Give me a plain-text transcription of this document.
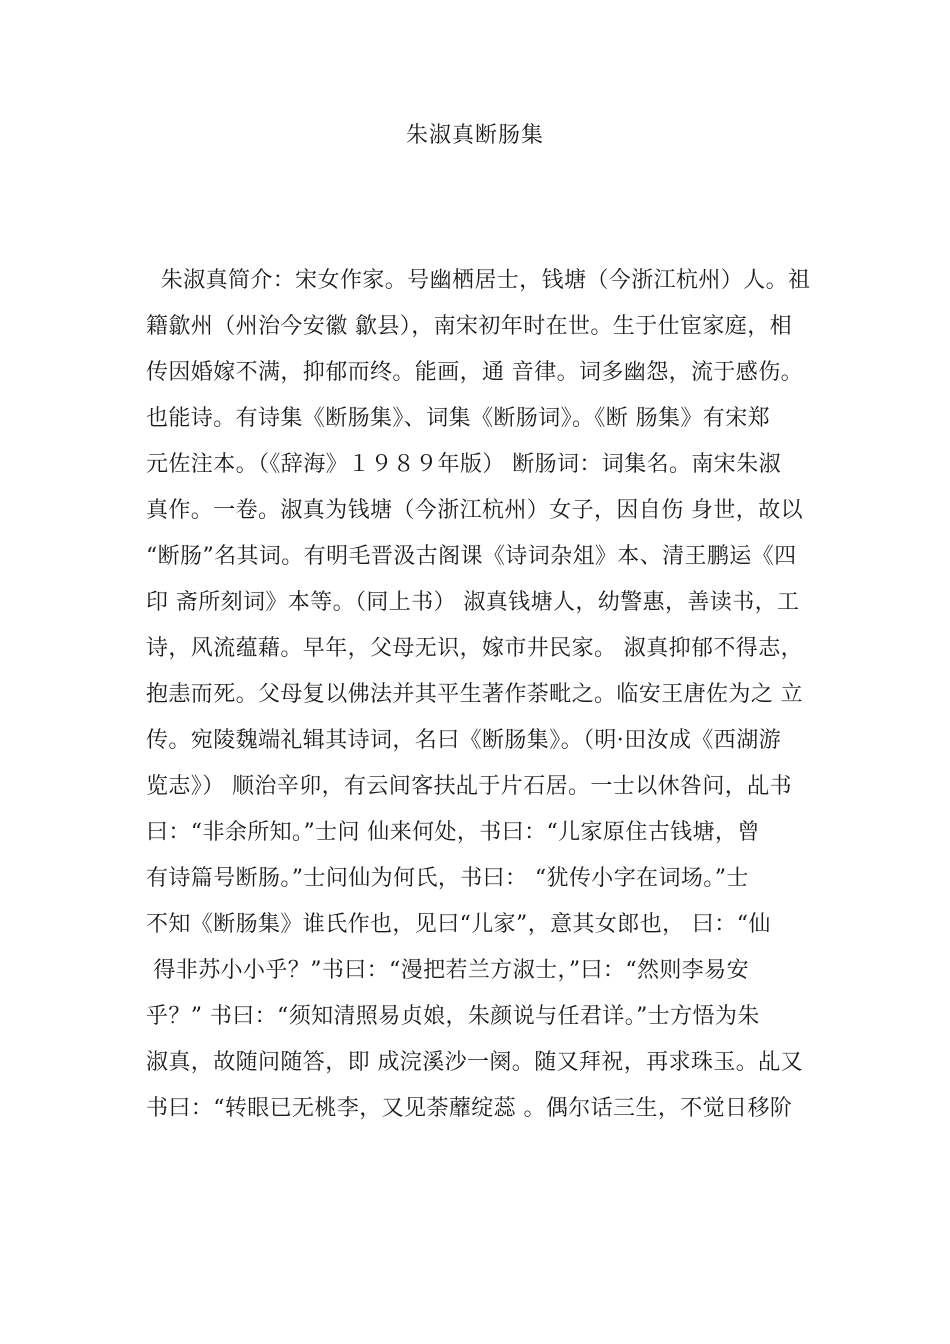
朱淑真断肠集
朱淑真简介：宋女作家。号幽栖居士，钱塘（今浙江杭州）人。祖
籍歙州（州治今安徽 歙县），南宋初年时在世。生于仕宦家庭，相
传因婚嫁不满，抑郁而终。能画，通 音律。词多幽怨，流于感伤。
也能诗。有诗集《断肠集》、词集《断肠词》。《断 肠集》有宋郑
元佐注本。（《辞海》１９８９年版） 断肠词：词集名。南宋朱淑
真作。一卷。淑真为钱塘（今浙江杭州）女子，因自伤 身世，故以
“断肠”名其词。有明毛晋汲古阁课《诗词杂俎》本、清王鹏运《四
印 斋所刻词》本等。（同上书） 淑真钱塘人，幼警惠，善读书，工
诗，风流蕴藉。早年，父母无识，嫁市井民家。 淑真抑郁不得志，
抱恚而死。父母复以佛法并其平生著作荼毗之。临安王唐佐为之 立
传。宛陵魏端礼辑其诗词，名曰《断肠集》。（明·田汝成《西湖游
览志》） 顺治辛卯，有云间客扶乩于片石居。一士以休咎问，乩书
曰：“非余所知。”士问 仙来何处，书曰：“儿家原住古钱塘，曾
有诗篇号断肠。”士问仙为何氏，书曰： “犹传小字在词场。”士
不知《断肠集》谁氏作也，见曰“儿家”，意其女郎也， 曰：“仙
得非苏小小乎？”书曰：“漫把若兰方淑士，”曰：“然则李易安
乎？” 书曰：“须知清照易贞娘，朱颜说与任君详。”士方悟为朱
淑真，故随问随答，即 成浣溪沙一阕。随又拜祝，再求珠玉。乩又
书曰：“转眼已无桃李，又见荼蘼绽蕊 。偶尔话三生，不觉日移阶
